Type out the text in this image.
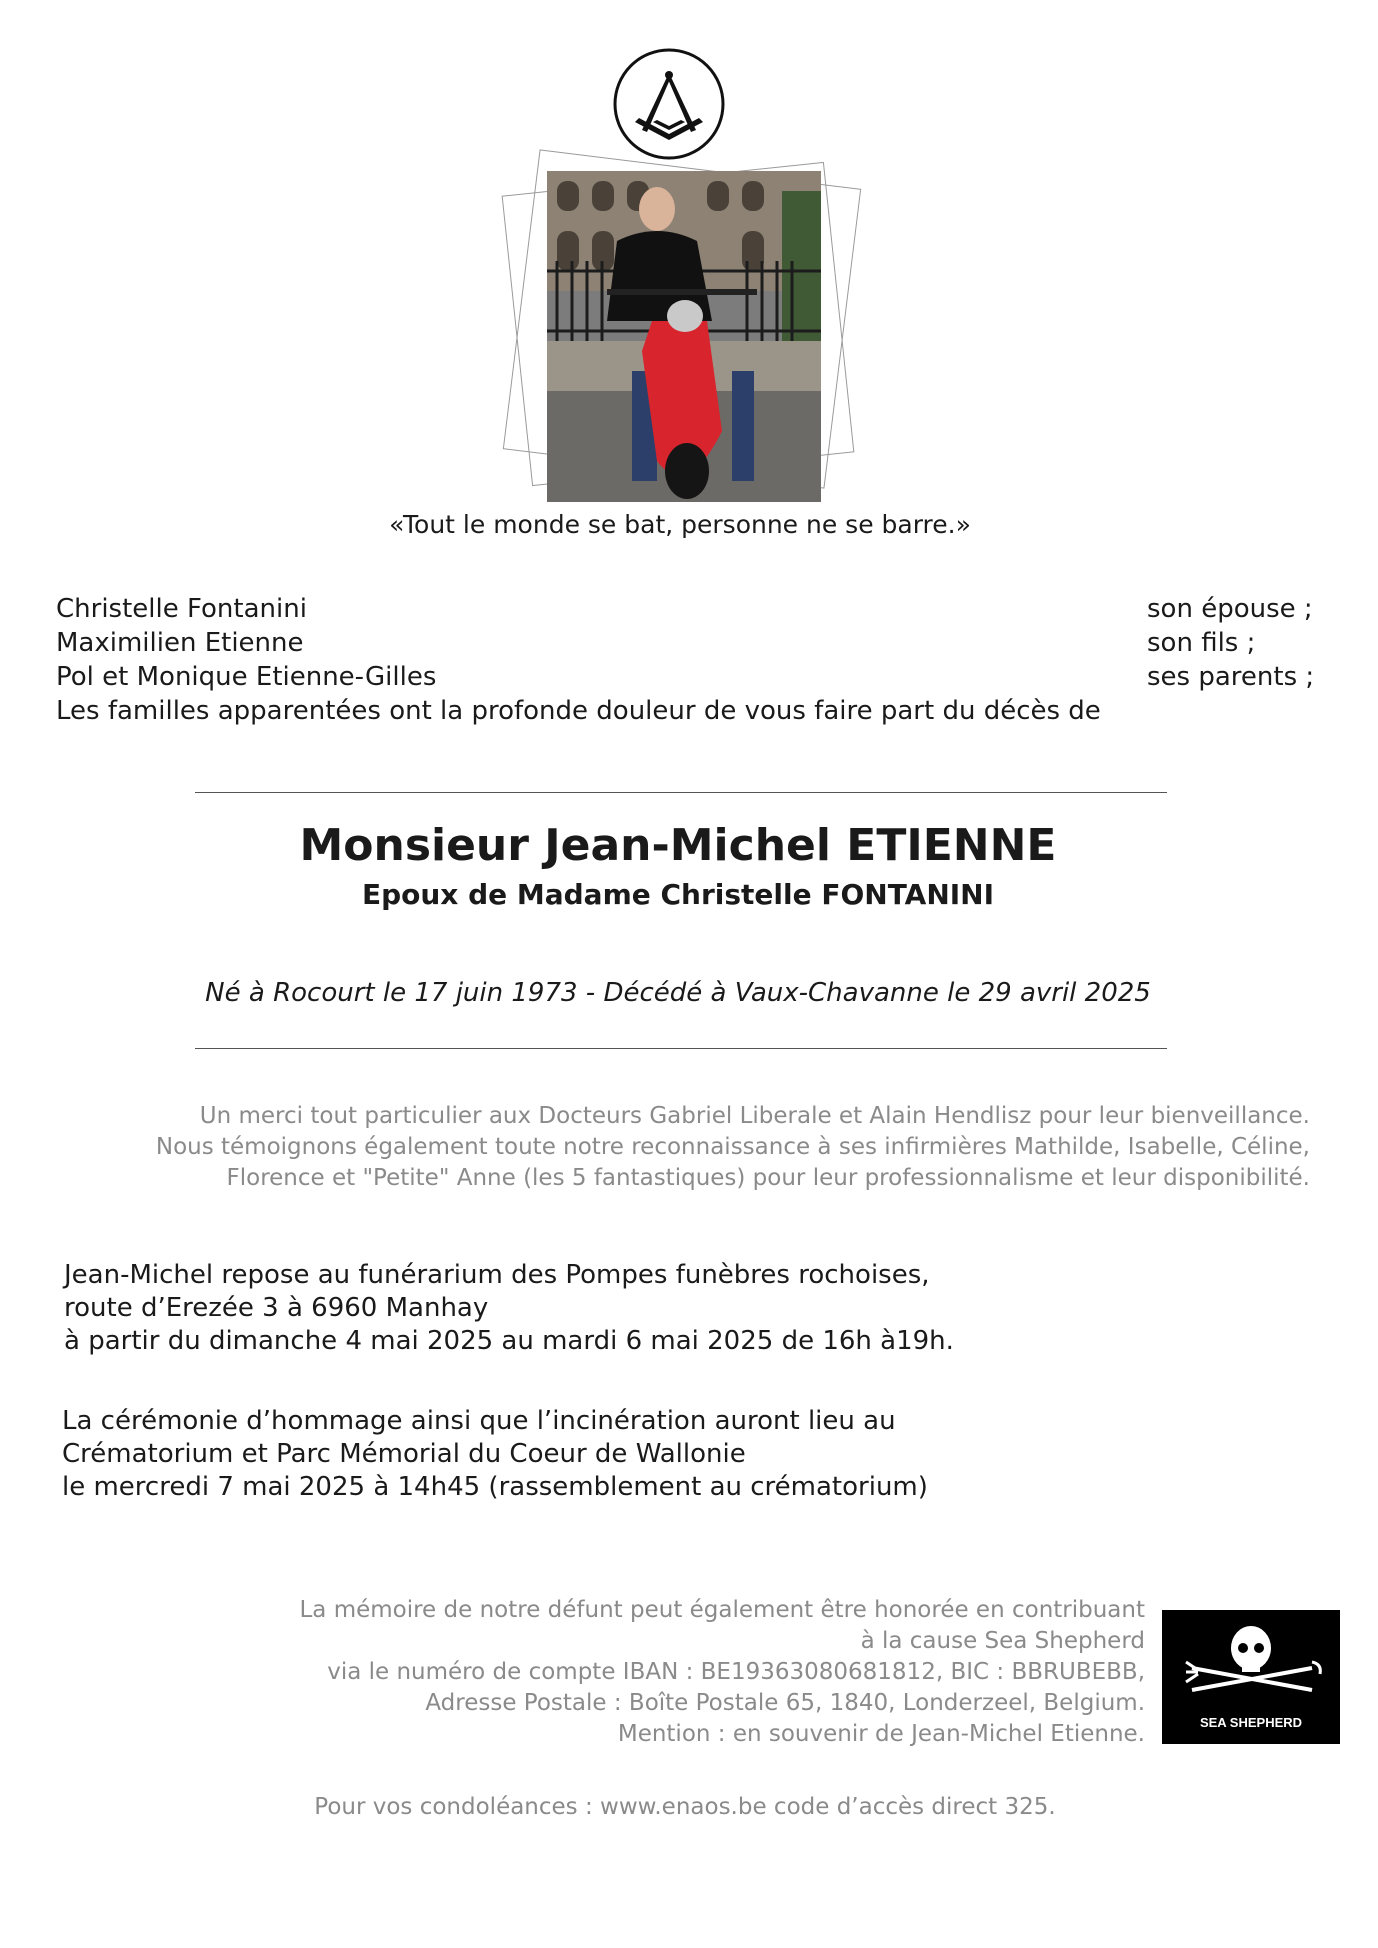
«Tout le monde se bat, personne ne se barre.»
Christelle Fontanini	son épouse ;
Maximilien Etienne	son fils ;
Pol et Monique Etienne-Gilles	ses parents ;
Les familles apparentées ont la profonde douleur de vous faire part du décès de
Monsieur Jean-Michel ETIENNE
Epoux de Madame Christelle FONTANINI
Né à Rocourt le 17 juin 1973 - Décédé à Vaux-Chavanne le 29 avril 2025
Un merci tout particulier aux Docteurs Gabriel Liberale et Alain Hendlisz pour leur bienveillance.
Nous témoignons également toute notre reconnaissance à ses infirmières Mathilde, Isabelle, Céline,
Florence et "Petite" Anne (les 5 fantastiques) pour leur professionnalisme et leur disponibilité.
Jean-Michel repose au funérarium des Pompes funèbres rochoises,
route d’Erezée 3 à 6960 Manhay
à partir du dimanche 4 mai 2025 au mardi 6 mai 2025 de 16h à19h.
La cérémonie d’hommage ainsi que l’incinération auront lieu au
Crématorium et Parc Mémorial du Coeur de Wallonie
le mercredi 7 mai 2025 à 14h45 (rassemblement au crématorium)
La mémoire de notre défunt peut également être honorée en contribuant
à la cause Sea Shepherd
via le numéro de compte IBAN : BE19363080681812, BIC : BBRUBEBB,
Adresse Postale : Boîte Postale 65, 1840, Londerzeel, Belgium.
Mention : en souvenir de Jean-Michel Etienne.	SEA SHEPHERD
Pour vos condoléances : www.enaos.be code d’accès direct 325.
